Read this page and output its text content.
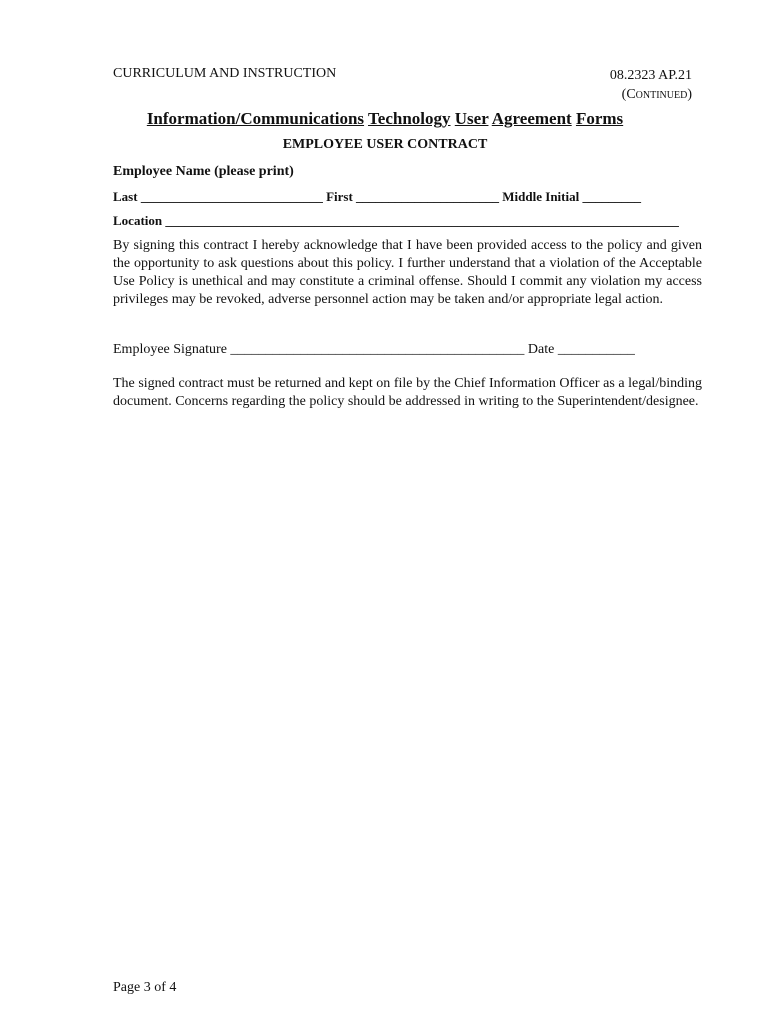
CURRICULUM AND INSTRUCTION	08.2323 AP.21
(Continued)
Information/Communications Technology User Agreement Forms
EMPLOYEE USER CONTRACT
Employee Name (please print)
Last ____________________________ First ______________________ Middle Initial _________
Location _______________________________________________________________________________
By signing this contract I hereby acknowledge that I have been provided access to the policy and given the opportunity to ask questions about this policy. I further understand that a violation of the Acceptable Use Policy is unethical and may constitute a criminal offense. Should I commit any violation my access privileges may be revoked, adverse personnel action may be taken and/or appropriate legal action.
Employee Signature __________________________________________ Date ___________
The signed contract must be returned and kept on file by the Chief Information Officer as a legal/binding document. Concerns regarding the policy should be addressed in writing to the Superintendent/designee.
Page 3 of 4
